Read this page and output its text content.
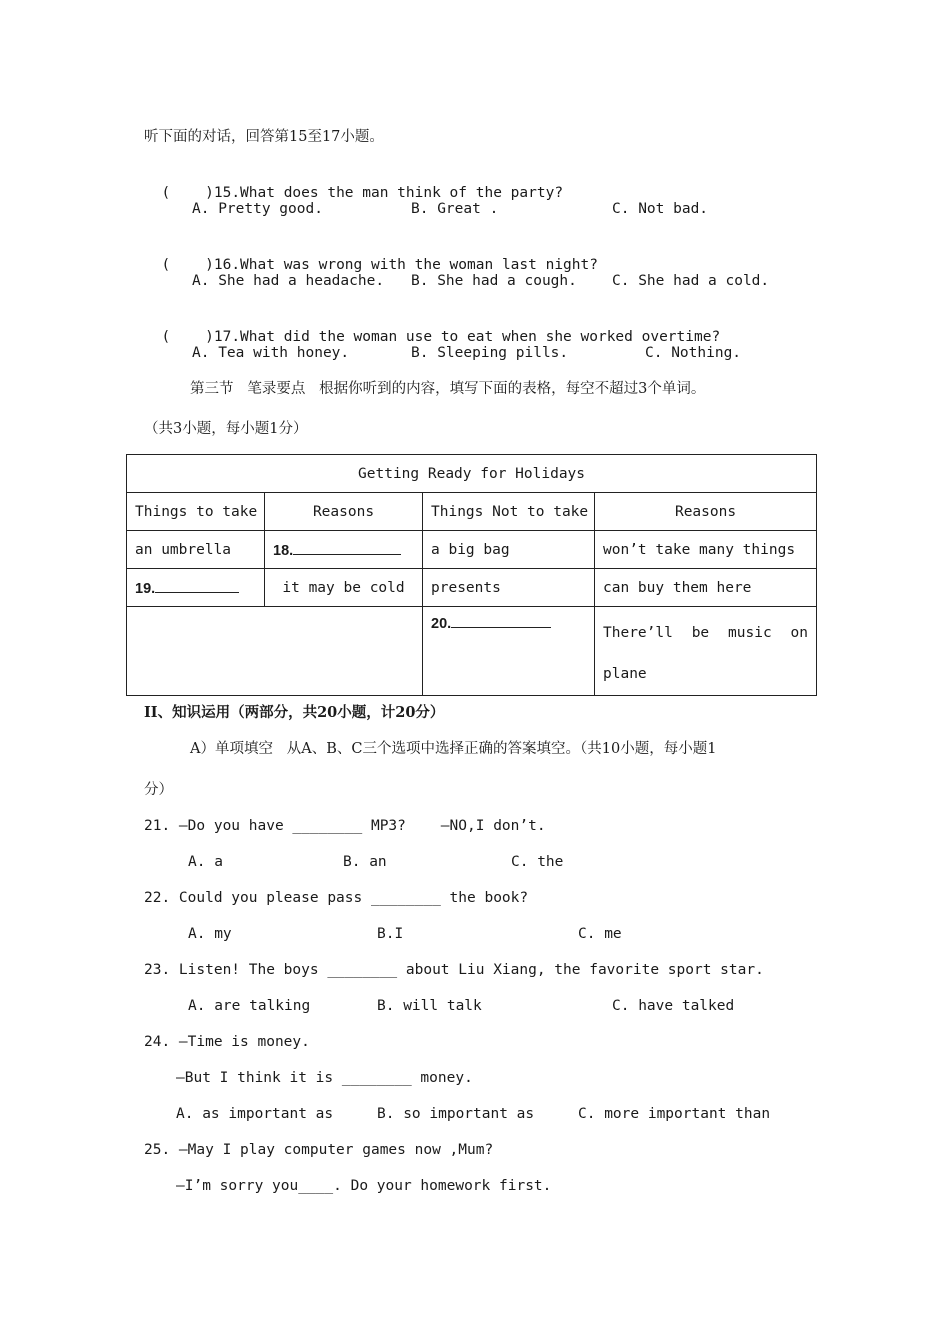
听下面的对话，回答第15至17小题。

(    )15.What does the man think of the party?

A. Pretty good.	B. Great .	C. Not bad.

(    )16.What was wrong with the woman last night?

A. She had a headache. B. She had a cough. C. She had a cold.

(    )17.What did the woman use to eat when she worked overtime?

A. Tea with honey.	B. Sleeping pills.	C. Nothing.
第三节   笔录要点   根据你听到的内容，填写下面的表格，每空不超过3个单词。
（共3小题，每小题1分）
Getting Ready for Holidays			
Things to take	Reasons	Things Not to take	Reasons
an umbrella	18.	a big bag	won’t take many things
19.	it may be cold	presents	can buy them here
		20.	There’ll be music on
plane
II、知识运用（两部分，共20小题，计20分）
A）单项填空   从A、B、C三个选项中选择正确的答案填空。（共10小题，每小题1
分）
21. —Do you have ________ MP3?    —NO,I don’t.
A. a	B. an	C. the
22. Could you please pass ________ the book?
A. my	B.I	C. me
23. Listen! The boys ________ about Liu Xiang, the favorite sport star.
A. are talking	B. will talk	C. have talked
24. —Time is money.
—But I think it is ________ money.
A. as important as	B. so important as	C. more important than
25. —May I play computer games now ,Mum?
—I’m sorry you____. Do your homework first.
